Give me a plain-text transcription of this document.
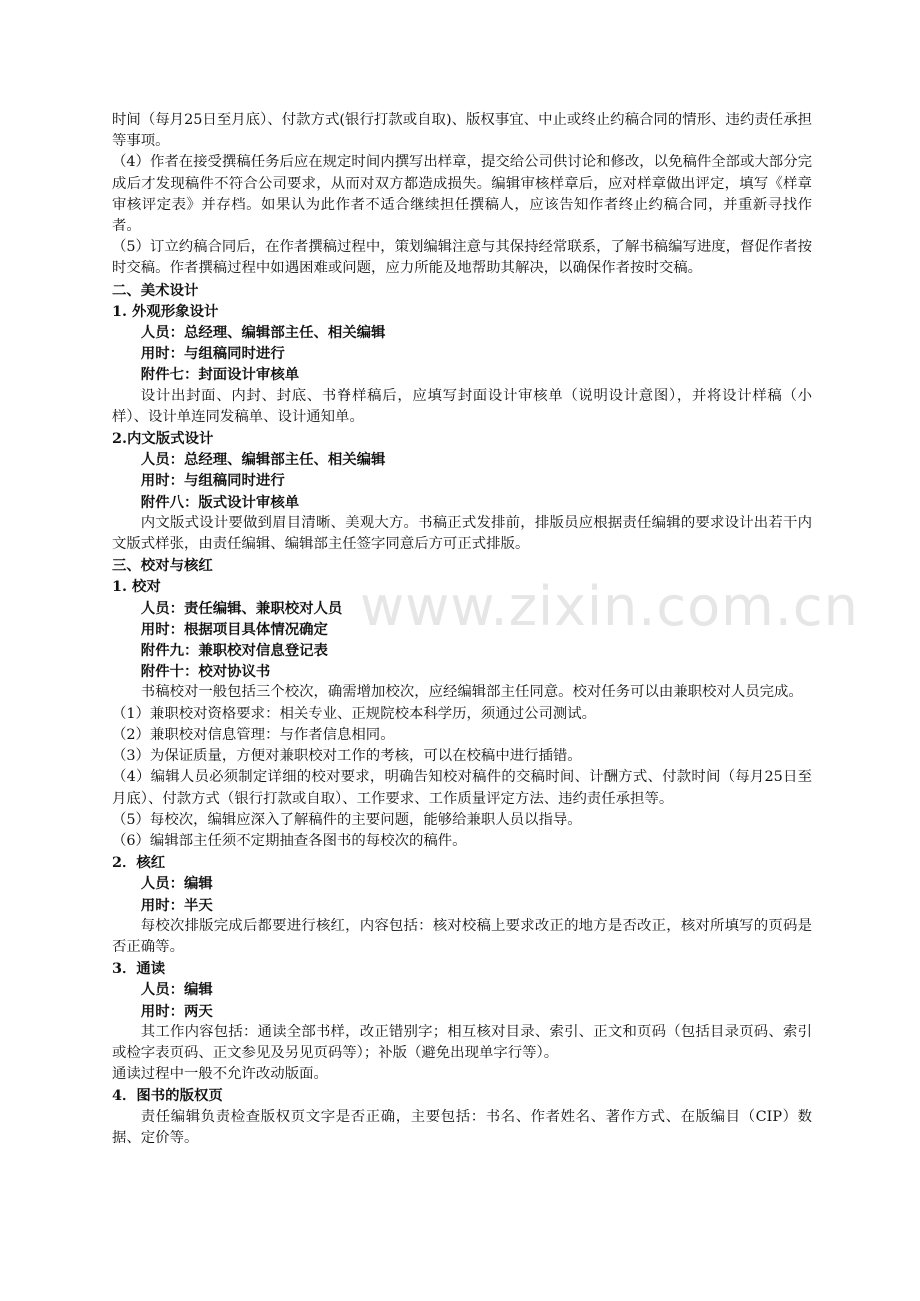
www.zixin.com.cn
时间（每月25日至月底）、付款方式(银行打款或自取)、版权事宜、中止或终止约稿合同的情形、违约责任承担等事项。
（4）作者在接受撰稿任务后应在规定时间内撰写出样章，提交给公司供讨论和修改，以免稿件全部或大部分完成后才发现稿件不符合公司要求，从而对双方都造成损失。编辑审核样章后，应对样章做出评定，填写《样章审核评定表》并存档。如果认为此作者不适合继续担任撰稿人，应该告知作者终止约稿合同，并重新寻找作者。
（5）订立约稿合同后，在作者撰稿过程中，策划编辑注意与其保持经常联系，了解书稿编写进度，督促作者按时交稿。作者撰稿过程中如遇困难或问题，应力所能及地帮助其解决，以确保作者按时交稿。
二、美术设计
1. 外观形象设计
人员：总经理、编辑部主任、相关编辑
用时：与组稿同时进行
附件七：封面设计审核单
设计出封面、内封、封底、书脊样稿后，应填写封面设计审核单（说明设计意图），并将设计样稿（小样）、设计单连同发稿单、设计通知单。
2.内文版式设计
人员：总经理、编辑部主任、相关编辑
用时：与组稿同时进行
附件八：版式设计审核单
内文版式设计要做到眉目清晰、美观大方。书稿正式发排前，排版员应根据责任编辑的要求设计出若干内文版式样张，由责任编辑、编辑部主任签字同意后方可正式排版。
三、校对与核红
1. 校对
人员：责任编辑、兼职校对人员
用时：根据项目具体情况确定
附件九：兼职校对信息登记表
附件十：校对协议书
书稿校对一般包括三个校次，确需增加校次，应经编辑部主任同意。校对任务可以由兼职校对人员完成。
（1）兼职校对资格要求：相关专业、正规院校本科学历，须通过公司测试。
（2）兼职校对信息管理：与作者信息相同。
（3）为保证质量，方便对兼职校对工作的考核，可以在校稿中进行插错。
（4）编辑人员必须制定详细的校对要求，明确告知校对稿件的交稿时间、计酬方式、付款时间（每月25日至月底）、付款方式（银行打款或自取）、工作要求、工作质量评定方法、违约责任承担等。
（5）每校次，编辑应深入了解稿件的主要问题，能够给兼职人员以指导。
（6）编辑部主任须不定期抽查各图书的每校次的稿件。
2．核红
人员：编辑
用时：半天
每校次排版完成后都要进行核红，内容包括：核对校稿上要求改正的地方是否改正，核对所填写的页码是否正确等。
3．通读
人员：编辑
用时：两天
其工作内容包括：通读全部书样，改正错别字；相互核对目录、索引、正文和页码（包括目录页码、索引或检字表页码、正文参见及另见页码等）；补版（避免出现单字行等）。
通读过程中一般不允许改动版面。
4．图书的版权页
责任编辑负责检查版权页文字是否正确，主要包括：书名、作者姓名、著作方式、在版编目（CIP）数据、定价等。
